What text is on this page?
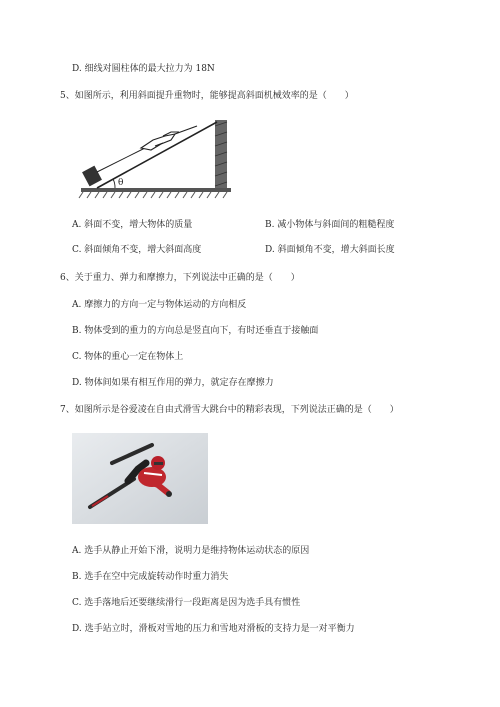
D. 细线对圆柱体的最大拉力为 18N
5、如图所示，利用斜面提升重物时，能够提高斜面机械效率的是（　　）
θ
A. 斜面不变，增大物体的质量	B. 减小物体与斜面间的粗糙程度
C. 斜面倾角不变，增大斜面高度	D. 斜面倾角不变，增大斜面长度
6、关于重力、弹力和摩擦力，下列说法中正确的是（　　）
A. 摩擦力的方向一定与物体运动的方向相反
B. 物体受到的重力的方向总是竖直向下，有时还垂直于接触面
C. 物体的重心一定在物体上
D. 物体间如果有相互作用的弹力，就定存在摩擦力
7、如图所示是谷爱凌在自由式滑雪大跳台中的精彩表现，下列说法正确的是（　　）
A. 选手从静止开始下滑，说明力是维持物体运动状态的原因
B. 选手在空中完成旋转动作时重力消失
C. 选手落地后还要继续滑行一段距离是因为选手具有惯性
D. 选手站立时，滑板对雪地的压力和雪地对滑板的支持力是一对平衡力
